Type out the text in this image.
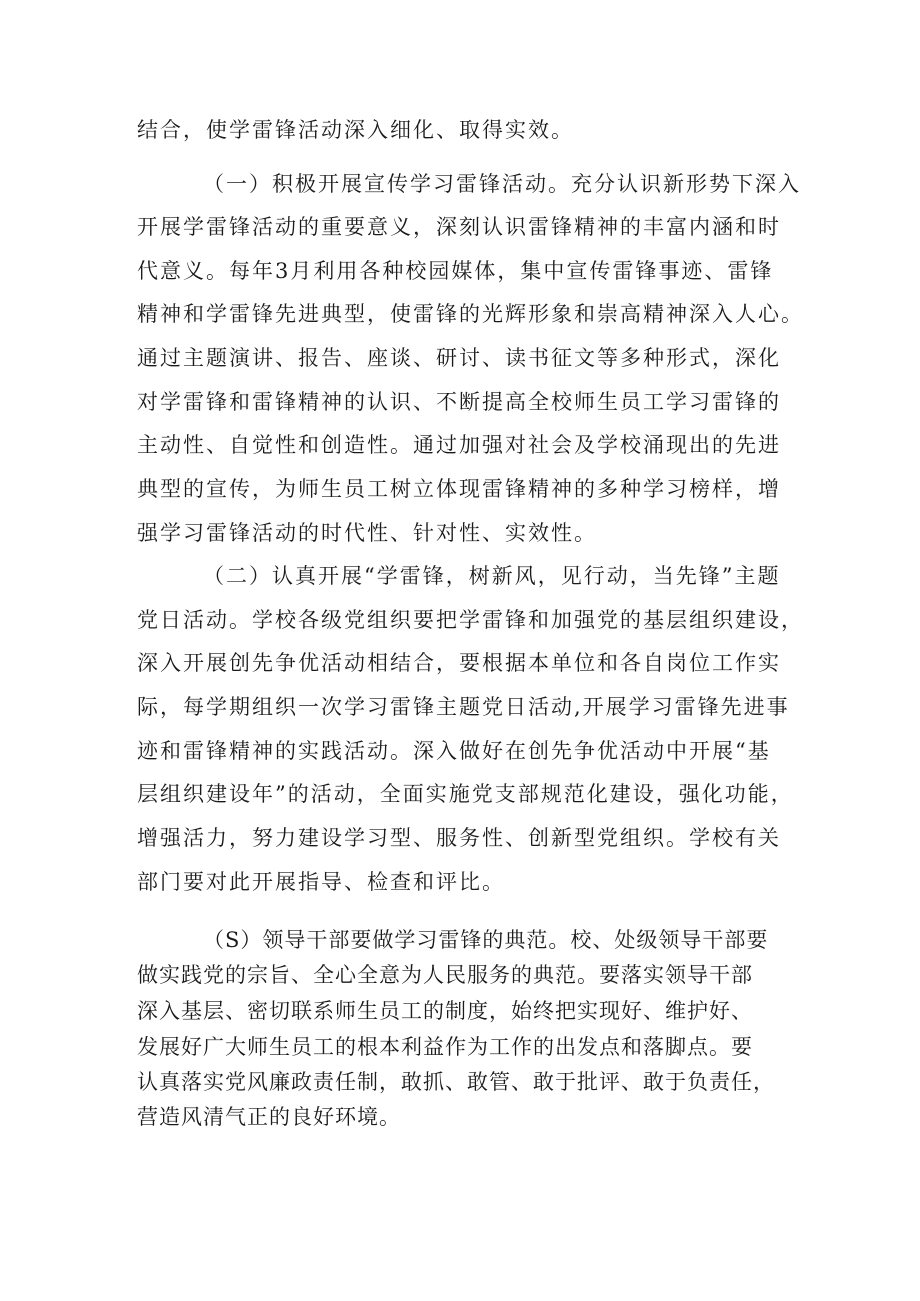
结合，使学雷锋活动深入细化、取得实效。
（一）积极开展宣传学习雷锋活动。充分认识新形势下深入
开展学雷锋活动的重要意义，深刻认识雷锋精神的丰富内涵和时
代意义。每年3月利用各种校园媒体，集中宣传雷锋事迹、雷锋
精神和学雷锋先进典型，使雷锋的光辉形象和崇高精神深入人心。
通过主题演讲、报告、座谈、研讨、读书征文等多种形式，深化
对学雷锋和雷锋精神的认识、不断提高全校师生员工学习雷锋的
主动性、自觉性和创造性。通过加强对社会及学校涌现出的先进
典型的宣传，为师生员工树立体现雷锋精神的多种学习榜样，增
强学习雷锋活动的时代性、针对性、实效性。
（二）认真开展“学雷锋，树新风，见行动，当先锋”主题
党日活动。学校各级党组织要把学雷锋和加强党的基层组织建设，
深入开展创先争优活动相结合，要根据本单位和各自岗位工作实
际，每学期组织一次学习雷锋主题党日活动,开展学习雷锋先进事
迹和雷锋精神的实践活动。深入做好在创先争优活动中开展“基
层组织建设年”的活动，全面实施党支部规范化建设，强化功能，
增强活力，努力建设学习型、服务性、创新型党组织。学校有关
部门要对此开展指导、检查和评比。
（S）领导干部要做学习雷锋的典范。校、处级领导干部要
做实践党的宗旨、全心全意为人民服务的典范。要落实领导干部
深入基层、密切联系师生员工的制度，始终把实现好、维护好、
发展好广大师生员工的根本利益作为工作的出发点和落脚点。要
认真落实党风廉政责任制，敢抓、敢管、敢于批评、敢于负责任，
营造风清气正的良好环境。
